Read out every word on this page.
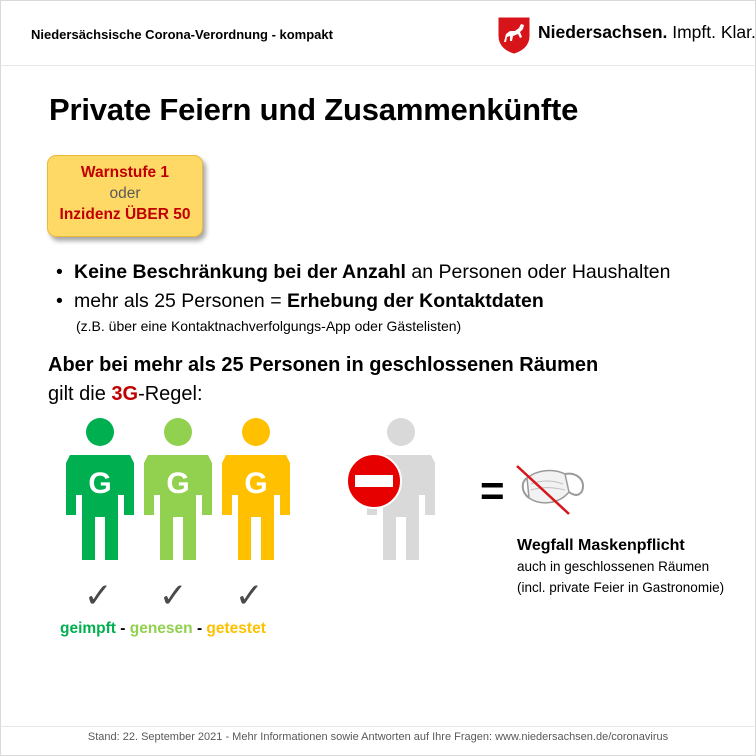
Niedersächsische Corona-Verordnung - kompakt	Niedersachsen. Impft. Klar.
Private Feiern und Zusammenkünfte
Warnstufe 1
oder
Inzidenz ÜBER 50
• Keine Beschränkung bei der Anzahl an Personen oder Haushalten
• mehr als 25 Personen = Erhebung der Kontaktdaten
(z.B. über eine Kontaktnachverfolgungs-App oder Gästelisten)
Aber bei mehr als 25 Personen in geschlossenen Räumen
gilt die 3G-Regel:
G G G
✓ ✓ ✓
geimpft - genesen - getestet
=
Wegfall Maskenpflicht
auch in geschlossenen Räumen
(incl. private Feier in Gastronomie)
Stand: 22. September 2021 - Mehr Informationen sowie Antworten auf Ihre Fragen: www.niedersachsen.de/coronavirus
